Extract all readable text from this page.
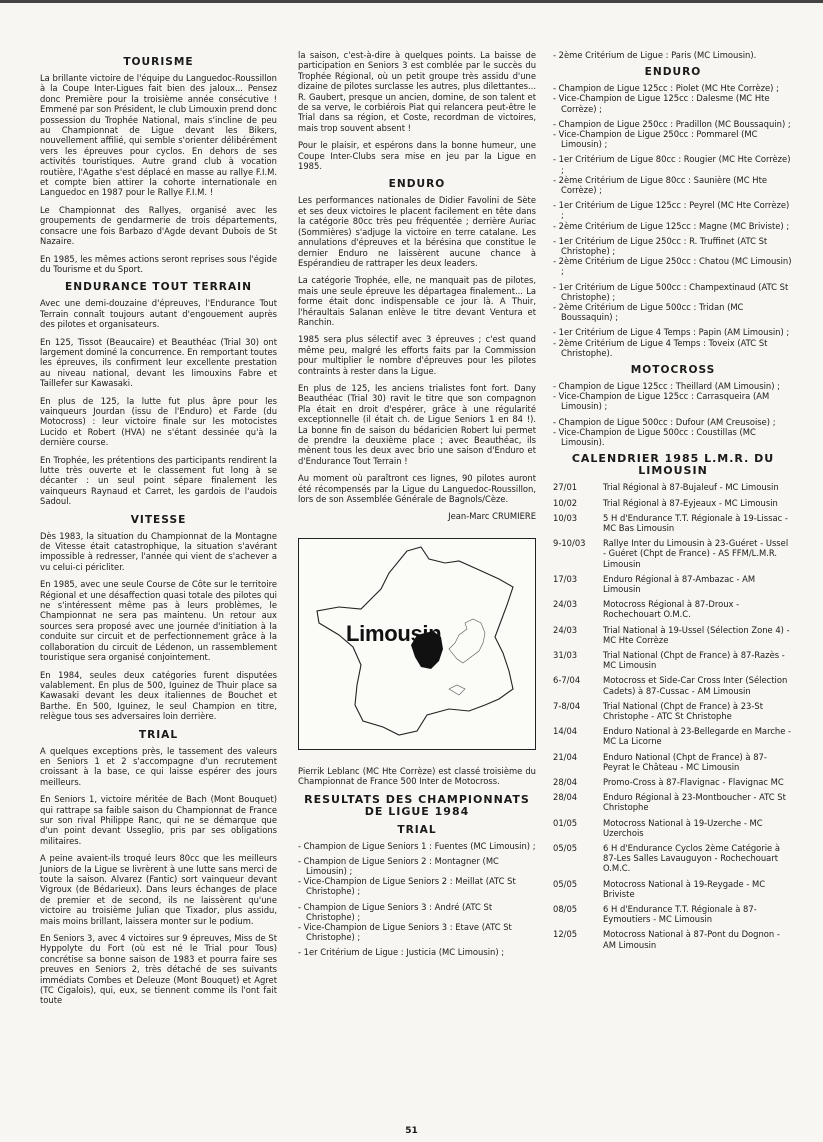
TOURISME

La brillante victoire de l'équipe du Languedoc-Roussillon à la Coupe Inter-Ligues fait bien des jaloux... Pensez donc Première pour la troisième année consécutive ! Emmené par son Président, le club Limouxin prend donc possession du Trophée National, mais s'incline de peu au Championnat de Ligue devant les Bikers, nouvellement affilié, qui semble s'orienter délibérément vers les épreuves pour cyclos. En dehors de ses activités touristiques. Autre grand club à vocation routière, l'Agathe s'est déplacé en masse au rallye F.I.M. et compte bien attirer la cohorte internationale en Languedoc en 1987 pour le Rallye F.I.M. !

Le Championnat des Rallyes, organisé avec les groupements de gendarmerie de trois départements, consacre une fois Barbazo d'Agde devant Dubois de St Nazaire.

En 1985, les mêmes actions seront reprises sous l'égide du Tourisme et du Sport.

ENDURANCE TOUT TERRAIN

Avec une demi-douzaine d'épreuves, l'Endurance Tout Terrain connaît toujours autant d'engouement auprès des pilotes et organisateurs.

En 125, Tissot (Beaucaire) et Beauthéac (Trial 30) ont largement dominé la concurrence. En remportant toutes les épreuves, ils confirment leur excellente prestation au niveau national, devant les limouxins Fabre et Taillefer sur Kawasaki.

En plus de 125, la lutte fut plus âpre pour les vainqueurs Jourdan (issu de l'Enduro) et Farde (du Motocross) : leur victoire finale sur les motocistes Lucido et Robert (HVA) ne s'étant dessinée qu'à la dernière course.

En Trophée, les prétentions des participants rendirent la lutte très ouverte et le classement fut long à se décanter : un seul point sépare finalement les vainqueurs Raynaud et Carret, les gardois de l'audois Sadoul.

VITESSE

Dès 1983, la situation du Championnat de la Montagne de Vitesse était catastrophique, la situation s'avérant impossible à redresser, l'année qui vient de s'achever a vu celui-ci péricliter.

En 1985, avec une seule Course de Côte sur le territoire Régional et une désaffection quasi totale des pilotes qui ne s'intéressent même pas à leurs problèmes, le Championnat ne sera pas maintenu. Un retour aux sources sera proposé avec une journée d'initiation à la conduite sur circuit et de perfectionnement grâce à la collaboration du circuit de Lédenon, un rassemblement touristique sera organisé conjointement.

En 1984, seules deux catégories furent disputées valablement. En plus de 500, Iguinez de Thuir place sa Kawasaki devant les deux italiennes de Bouchet et Barthe. En 500, Iguinez, le seul Champion en titre, relègue tous ses adversaires loin derrière.

TRIAL

A quelques exceptions près, le tassement des valeurs en Seniors 1 et 2 s'accompagne d'un recrutement croissant à la base, ce qui laisse espérer des jours meilleurs.

En Seniors 1, victoire méritée de Bach (Mont Bouquet) qui rattrape sa faible saison du Championnat de France sur son rival Philippe Ranc, qui ne se démarque que d'un point devant Usseglio, pris par ses obligations militaires.

A peine avaient-ils troqué leurs 80cc que les meilleurs Juniors de la Ligue se livrèrent à une lutte sans merci de toute la saison. Alvarez (Fantic) sort vainqueur devant Vigroux (de Bédarieux). Dans leurs échanges de place de premier et de second, ils ne laissèrent qu'une victoire au troisième Julian que Tixador, plus assidu, mais moins brillant, laissera monter sur le podium.

En Seniors 3, avec 4 victoires sur 9 épreuves, Miss de St Hyppolyte du Fort (où est né le Trial pour Tous) concrétise sa bonne saison de 1983 et pourra faire ses preuves en Seniors 2, très détaché de ses suivants immédiats Combes et Deleuze (Mont Bouquet) et Agret (TC Cigalois), qui, eux, se tiennent comme ils l'ont fait toute

la saison, c'est-à-dire à quelques points. La baisse de participation en Seniors 3 est comblée par le succès du Trophée Régional, où un petit groupe très assidu d'une dizaine de pilotes surclasse les autres, plus dilettantes... R. Gaubert, presque un ancien, domine, de son talent et de sa verve, le corbiérois Piat qui relancera peut-être le Trial dans sa région, et Coste, recordman de victoires, mais trop souvent absent !

Pour le plaisir, et espérons dans la bonne humeur, une Coupe Inter-Clubs sera mise en jeu par la Ligue en 1985.

ENDURO

Les performances nationales de Didier Favolini de Sète et ses deux victoires le placent facilement en tête dans la catégorie 80cc très peu fréquentée ; derrière Auriac (Sommières) s'adjuge la victoire en terre catalane. Les annulations d'épreuves et la bérésina que constitue le dernier Enduro ne laissèrent aucune chance à Espérandieu de rattraper les deux leaders.

La catégorie Trophée, elle, ne manquait pas de pilotes, mais une seule épreuve les départagea finalement... La forme était donc indispensable ce jour là. A Thuir, l'héraultais Salanan enlève le titre devant Ventura et Ranchin.

1985 sera plus sélectif avec 3 épreuves ; c'est quand même peu, malgré les efforts faits par la Commission pour multiplier le nombre d'épreuves pour les pilotes contraints à rester dans la Ligue.

En plus de 125, les anciens trialistes font fort. Dany Beauthéac (Trial 30) ravit le titre que son compagnon Pla était en droit d'espérer, grâce à une régularité exceptionnelle (il était ch. de Ligue Seniors 1 en 84 !). La bonne fin de saison du bédaricien Robert lui permet de prendre la deuxième place ; avec Beauthéac, ils mènent tous les deux avec brio une saison d'Enduro et d'Endurance Tout Terrain !

Au moment où paraîtront ces lignes, 90 pilotes auront été récompensés par la Ligue du Languedoc-Roussillon, lors de son Assemblée Générale de Bagnols/Cèze.

Jean-Marc CRUMIERE

Limousin

Pierrik Leblanc (MC Hte Corrèze) est classé troisième du Championnat de France 500 Inter de Motocross.

RESULTATS DES CHAMPIONNATS DE LIGUE 1984
TRIAL
- Champion de Ligue Seniors 1 : Fuentes (MC Limousin) ;
- Champion de Ligue Seniors 2 : Montagner (MC Limousin) ;
- Vice-Champion de Ligue Seniors 2 : Meillat (ATC St Christophe) ;
- Champion de Ligue Seniors 3 : André (ATC St Christophe) ;
- Vice-Champion de Ligue Seniors 3 : Etave (ATC St Christophe) ;
- 1er Critérium de Ligue : Justicia (MC Limousin) ;
- 2ème Critérium de Ligue : Paris (MC Limousin).
ENDURO
- Champion de Ligue 125cc : Piolet (MC Hte Corrèze) ;
- Vice-Champion de Ligue 125cc : Dalesme (MC Hte Corrèze) ;
- Champion de Ligue 250cc : Pradillon (MC Boussaquin) ;
- Vice-Champion de Ligue 250cc : Pommarel (MC Limousin) ;
- 1er Critérium de Ligue 80cc : Rougier (MC Hte Corrèze) ;
- 2ème Critérium de Ligue 80cc : Saunière (MC Hte Corrèze) ;
- 1er Critérium de Ligue 125cc : Peyrel (MC Hte Corrèze) ;
- 2ème Critérium de Ligue 125cc : Magne (MC Briviste) ;
- 1er Critérium de Ligue 250cc : R. Truffinet (ATC St Christophe) ;
- 2ème Critérium de Ligue 250cc : Chatou (MC Limousin) ;
- 1er Critérium de Ligue 500cc : Champextinaud (ATC St Christophe) ;
- 2ème Critérium de Ligue 500cc : Tridan (MC Boussaquin) ;
- 1er Critérium de Ligue 4 Temps : Papin (AM Limousin) ;
- 2ème Critérium de Ligue 4 Temps : Toveix (ATC St Christophe).
MOTOCROSS
- Champion de Ligue 125cc : Theillard (AM Limousin) ;
- Vice-Champion de Ligue 125cc : Carrasqueira (AM Limousin) ;
- Champion de Ligue 500cc : Dufour (AM Creusoise) ;
- Vice-Champion de Ligue 500cc : Coustillas (MC Limousin).
CALENDRIER 1985 L.M.R. DU LIMOUSIN
27/01	Trial Régional à 87-Bujaleuf - MC Limousin
10/02	Trial Régional à 87-Eyjeaux - MC Limousin
10/03	5 H d'Endurance T.T. Régionale à 19-Lissac - MC Bas Limousin
9-10/03	Rallye Inter du Limousin à 23-Guéret - Ussel - Guéret (Chpt de France) - AS FFM/L.M.R. Limousin
17/03	Enduro Régional à 87-Ambazac - AM Limousin
24/03	Motocross Régional à 87-Droux - Rochechouart O.M.C.
24/03	Trial National à 19-Ussel (Sélection Zone 4) - MC Hte Corrèze
31/03	Trial National (Chpt de France) à 87-Razès - MC Limousin
6-7/04	Motocross et Side-Car Cross Inter (Sélection Cadets) à 87-Cussac - AM Limousin
7-8/04	Trial National (Chpt de France) à 23-St Christophe - ATC St Christophe
14/04	Enduro National à 23-Bellegarde en Marche - MC La Licorne
21/04	Enduro National (Chpt de France) à 87-Peyrat le Château - MC Limousin
28/04	Promo-Cross à 87-Flavignac - Flavignac MC
28/04	Enduro Régional à 23-Montboucher - ATC St Christophe
01/05	Motocross National à 19-Uzerche - MC Uzerchois
05/05	6 H d'Endurance Cyclos 2ème Catégorie à 87-Les Salles Lavauguyon - Rochechouart O.M.C.
05/05	Motocross National à 19-Reygade - MC Briviste
08/05	6 H d'Endurance T.T. Régionale à 87-Eymoutiers - MC Limousin
12/05	Motocross National à 87-Pont du Dognon - AM Limousin
51
